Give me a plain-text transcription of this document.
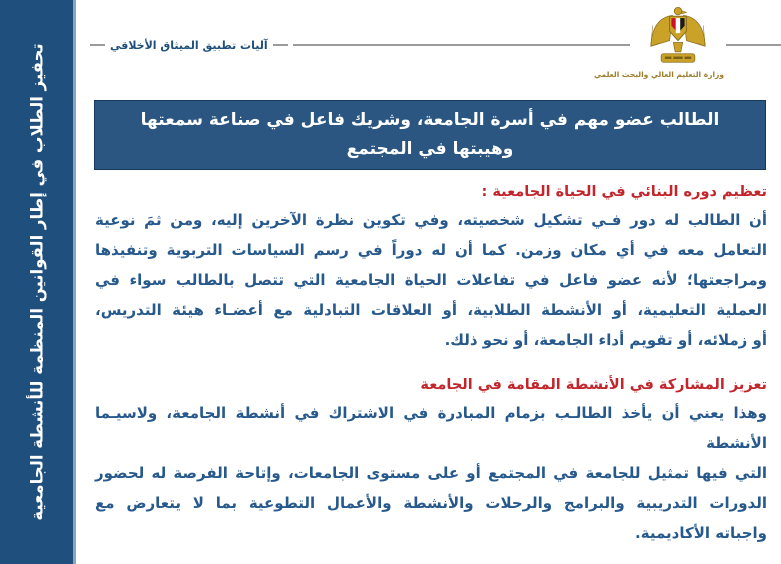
تحفيز الطلاب في إطار القوانين المنظمة للأنشطة الجامعية	آليات تطبيق الميثاق الأخلاقي
وزارة التعليم العالي والبحث العلمي
الطالب عضو مهم في أسرة الجامعة، وشريك فاعل في صناعة سمعتها
وهيبتها في المجتمع
تعظيم دوره البنائي في الحياة الجامعية :
أن الطالب له دور فـي تشكيل شخصيته، وفي تكوين نظرة الآخرين إليه، ومن ثمَ نوعية
التعامل معه في أي مكان وزمن. كما أن له دوراً في رسم السياسات التربوية وتنفيذها
ومراجعتها؛ لأنه عضو فاعل في تفاعلات الحياة الجامعية التي تتصل بالطالب سواء في
العملية التعليمية، أو الأنشطة الطلابية، أو العلاقات التبادلية مع أعضـاء هيئة التدريس،
أو زملائه، أو تقويم أداء الجامعة، أو نحو ذلك.
تعزيز المشاركة في الأنشطة المقامة في الجامعة
وهذا يعني أن يأخذ الطالـب بزمام المبادرة في الاشتراك في أنشطة الجامعة، ولاسيـما الأنشطة
التي فيها تمثيل للجامعة في المجتمع أو على مستوى الجامعات، وإتاحة الفرصة له لحضور
الدورات التدريبية والبرامج والرحلات والأنشطة والأعمال التطوعية بما لا يتعارض مع
واجباته الأكاديمية.
